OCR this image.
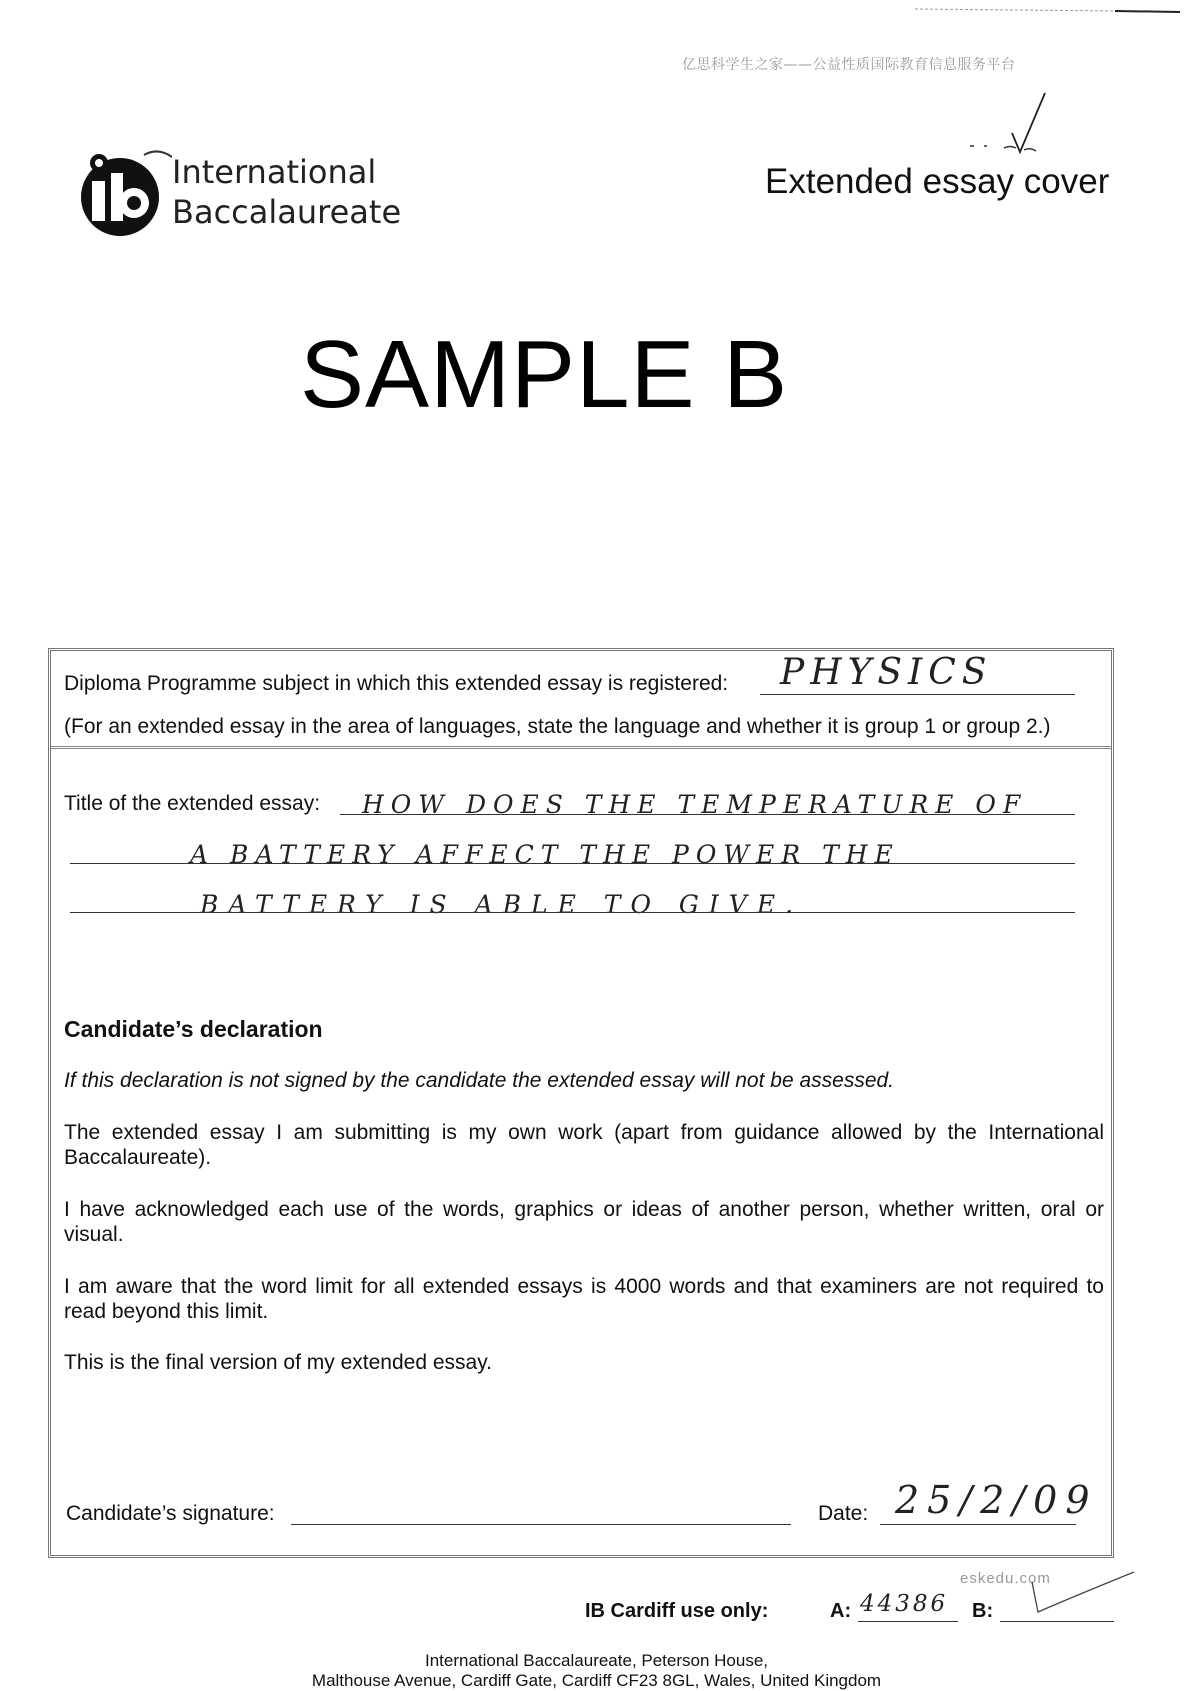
亿思科学生之家——公益性质国际教育信息服务平台
International
Baccalaureate
Extended essay cover
SAMPLE B
Diploma Programme subject in which this extended essay is registered: PHYSICS
(For an extended essay in the area of languages, state the language and whether it is group 1 or group 2.)
Title of the extended essay: HOW DOES THE TEMPERATURE OF
A BATTERY AFFECT THE POWER THE
BATTERY IS ABLE TO GIVE.
Candidate’s declaration
If this declaration is not signed by the candidate the extended essay will not be assessed.
The extended essay I am submitting is my own work (apart from guidance allowed by the International Baccalaureate).
I have acknowledged each use of the words, graphics or ideas of another person, whether written, oral or visual.
I am aware that the word limit for all extended essays is 4000 words and that examiners are not required to read beyond this limit.
This is the final version of my extended essay.
Candidate’s signature:	Date: 25/2/09
eskedu.com
IB Cardiff use only:	A: 44386 B:
International Baccalaureate, Peterson House,
Malthouse Avenue, Cardiff Gate, Cardiff CF23 8GL, Wales, United Kingdom
